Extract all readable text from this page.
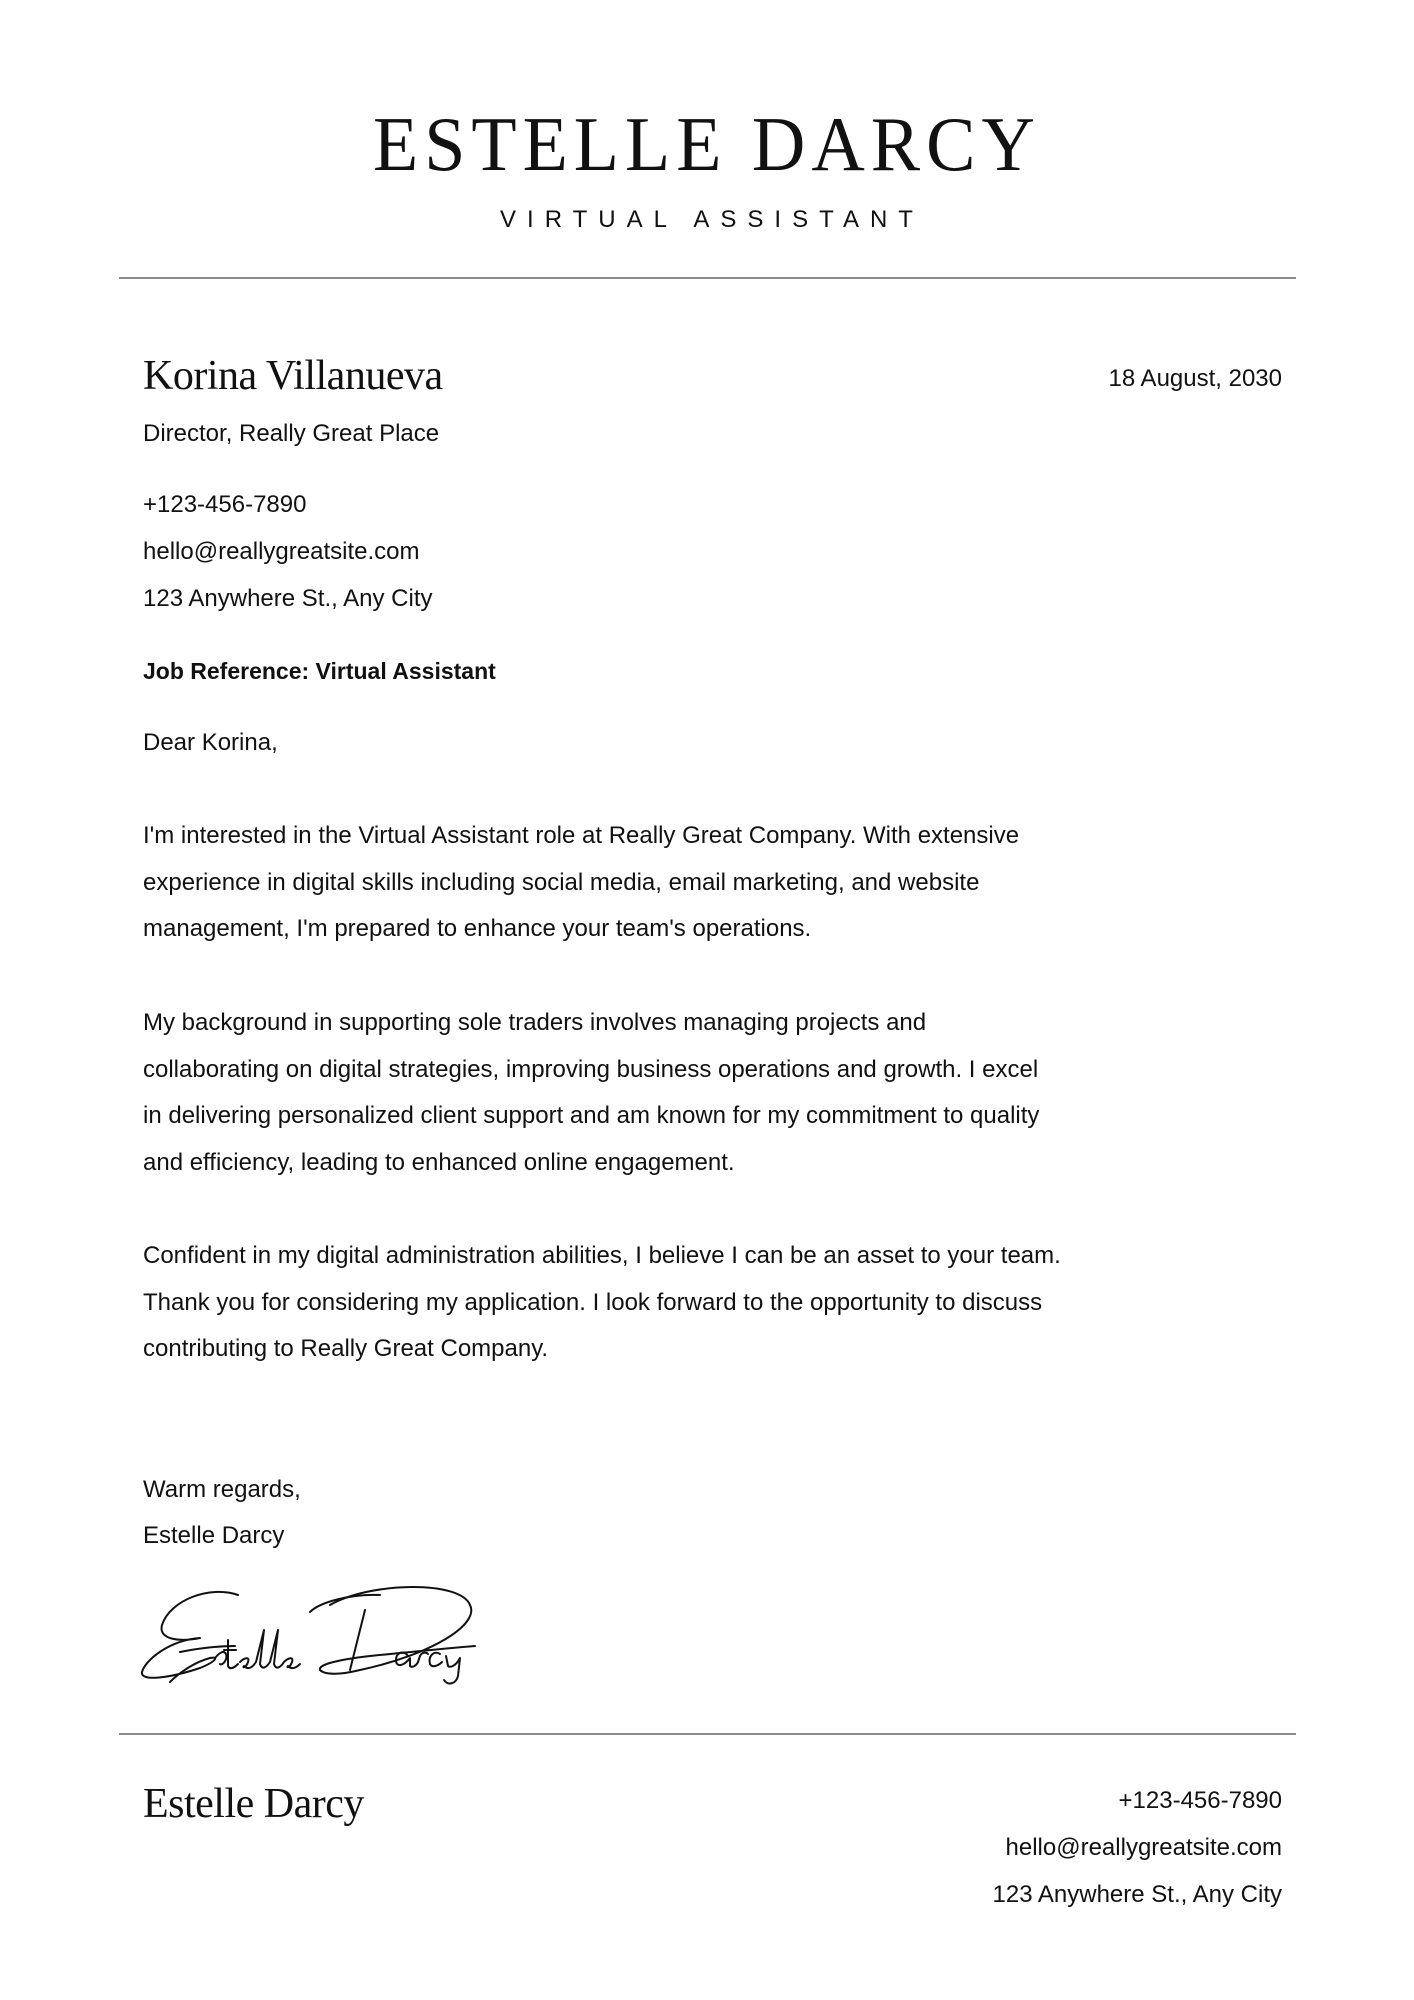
ESTELLE DARCY
VIRTUAL ASSISTANT
Korina Villanueva	18 August, 2030
Director, Really Great Place
+123-456-7890
hello@reallygreatsite.com
123 Anywhere St., Any City
Job Reference: Virtual Assistant
Dear Korina,

I'm interested in the Virtual Assistant role at Really Great Company. With extensive

experience in digital skills including social media, email marketing, and website

management, I'm prepared to enhance your team's operations.

My background in supporting sole traders involves managing projects and

collaborating on digital strategies, improving business operations and growth. I excel

in delivering personalized client support and am known for my commitment to quality

and efficiency, leading to enhanced online engagement.

Confident in my digital administration abilities, I believe I can be an asset to your team.

Thank you for considering my application. I look forward to the opportunity to discuss

contributing to Really Great Company.

Warm regards,
Estelle Darcy
Estelle Darcy	+123-456-7890
hello@reallygreatsite.com
123 Anywhere St., Any City
